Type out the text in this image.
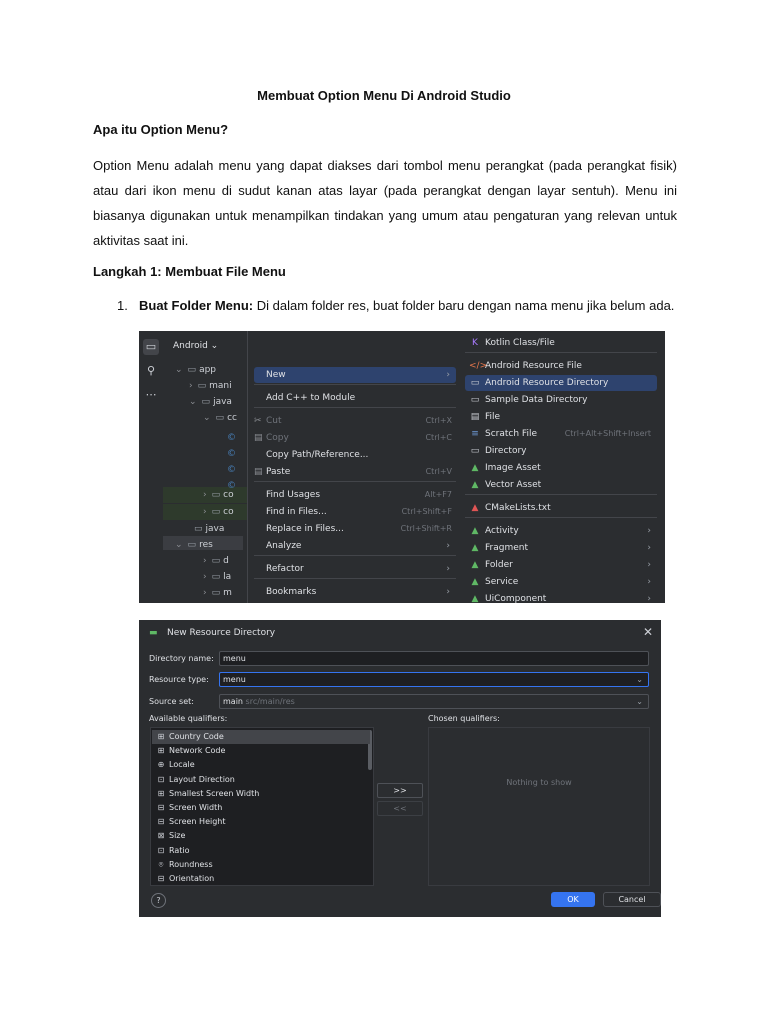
Membuat Option Menu Di Android Studio
Apa itu Option Menu?

Option Menu adalah menu yang dapat diakses dari tombol menu perangkat (pada perangkat fisik) atau dari ikon menu di sudut kanan atas layar (pada perangkat dengan layar sentuh). Menu ini biasanya digunakan untuk menampilkan tindakan yang umum atau pengaturan yang relevan untuk aktivitas saat ini.

Langkah 1: Membuat File Menu
1. Buat Folder Menu: Di dalam folder res, buat folder baru dengan nama menu jika belum ada.
▭
⚲
⋯
Android ⌄
⌄ ▭ app
› ▭ mani
⌄ ▭ java
⌄ ▭ cc
› ▭ co
› ▭ co
▭ java
⌄ ▭ res
› ▭ d
› ▭ la
› ▭ m
©
©
©
©
New	›
Add C++ to Module
✂ Cut	Ctrl+X
▤ Copy	Ctrl+C
Copy Path/Reference...
▤ Paste	Ctrl+V
Find Usages	Alt+F7
Find in Files...	Ctrl+Shift+F
Replace in Files...	Ctrl+Shift+R
Analyze	›
Refactor	›
Bookmarks	›
K Kotlin Class/File
</>
Android Resource File
▭ Android Resource Directory
▭ Sample Data Directory
▤ File
≡ Scratch File	Ctrl+Alt+Shift+Insert
▭ Directory
▲ Image Asset
▲ Vector Asset
▲ CMakeLists.txt
▲ Activity	›
▲ Fragment	›
▲ Folder	›
▲ Service	›
▲ UiComponent	›
▬ New Resource Directory	✕
Directory name: menu
Resource type: menu	⌄
Source set:	main src/main/res	⌄
Available qualifiers:	Chosen qualifiers:
⊞ Country Code
⊞ Network Code
⊕ Locale
⊡ Layout Direction
⊞ Smallest Screen Width
⊟ Screen Width
⊟ Screen Height
⊠ Size
⊡ Ratio
⌾ Roundness
⊟ Orientation
>>
<<
Nothing to show
?	OK	Cancel
